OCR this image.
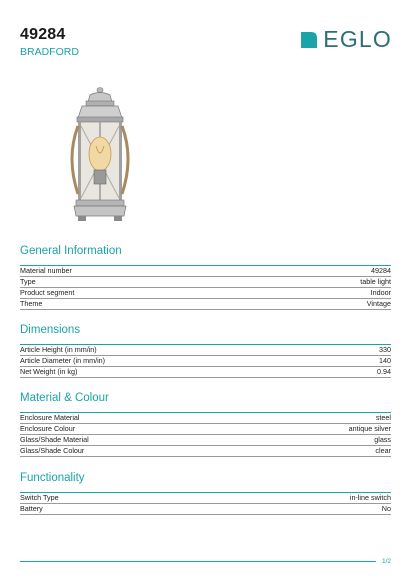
49284
BRADFORD	EGLO
General Information
Material number	49284
Type	table light
Product segment	Indoor
Theme	Vintage
Dimensions
Article Height (in mm/in)	330
Article Diameter (in mm/in)	140
Net Weight (in kg)	0.94
Material & Colour
Enclosure Material	steel
Enclosure Colour	antique silver
Glass/Shade Material	glass
Glass/Shade Colour	clear
Functionality
Switch Type	in-line switch
Battery	No
1/2
